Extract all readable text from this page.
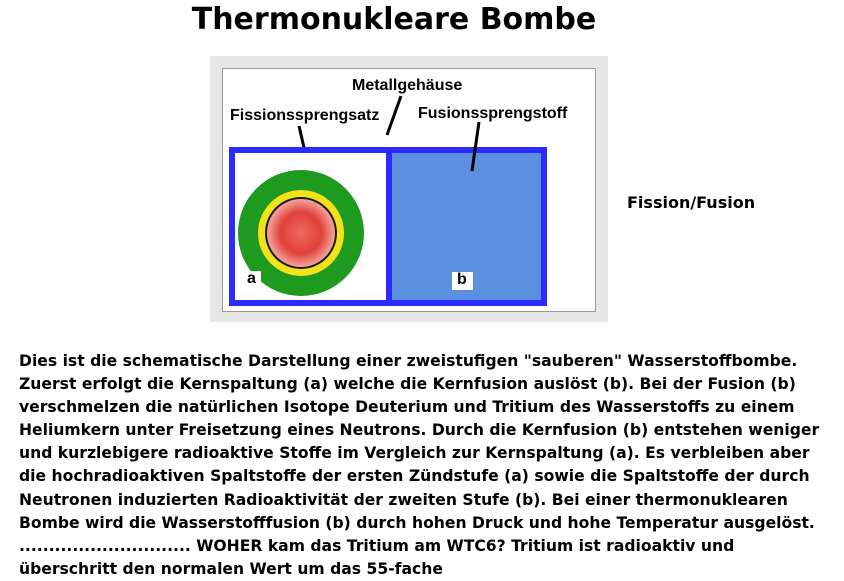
Thermonukleare Bombe
Metallgehäuse
Fissionssprengsatz Fusionssprengstoff
a	b
Fission/Fusion
Dies ist die schematische Darstellung einer zweistufigen "sauberen" Wasserstoffbombe. Zuerst erfolgt die Kernspaltung (a) welche die Kernfusion auslöst (b). Bei der Fusion (b) verschmelzen die natürlichen Isotope Deuterium und Tritium des Wasserstoffs zu einem Heliumkern unter Freisetzung eines Neutrons. Durch die Kernfusion (b) entstehen weniger und kurzlebigere radioaktive Stoffe im Vergleich zur Kernspaltung (a). Es verbleiben aber die hochradioaktiven Spaltstoffe der ersten Zündstufe (a) sowie die Spaltstoffe der durch Neutronen induzierten Radioaktivität der zweiten Stufe (b). Bei einer thermonuklearen Bombe wird die Wasserstofffusion (b) durch hohen Druck und hohe Temperatur ausgelöst. ............................. WOHER kam das Tritium am WTC6? Tritium ist radioaktiv und überschritt den normalen Wert um das 55-fache
